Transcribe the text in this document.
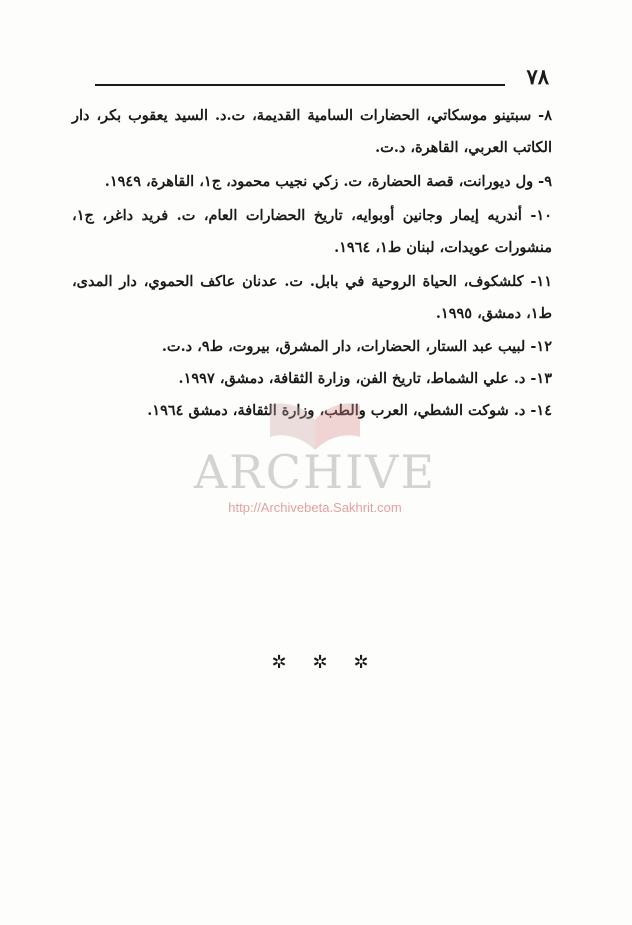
٧٨

٨- سبتينو موسكاتي، الحضارات السامية القديمة، ت.د. السيد يعقوب بكر، دار الكاتب العربي، القاهرة، د.ت.

٩- ول ديورانت، قصة الحضارة، ت. زكي نجيب محمود، ج١، القاهرة، ١٩٤٩.

١٠- أندريه إيمار وجانين أوبوايه، تاريخ الحضارات العام، ت. فريد داغر، ج١، منشورات عويدات، لبنان ط١، ١٩٦٤.

١١- كلشكوف، الحياة الروحية في بابل. ت. عدنان عاكف الحموي، دار المدى، ط١، دمشق، ١٩٩٥.

١٢- لبيب عبد الستار، الحضارات، دار المشرق، بيروت، ط٩، د.ت.

١٣- د. علي الشماط، تاريخ الفن، وزارة الثقافة، دمشق، ١٩٩٧.

١٤- د. شوكت الشطي، العرب والطب، وزارة الثقافة، دمشق ١٩٦٤.

ARCHIVE
http://Archivebeta.Sakhrit.com
✲ ✲ ✲
